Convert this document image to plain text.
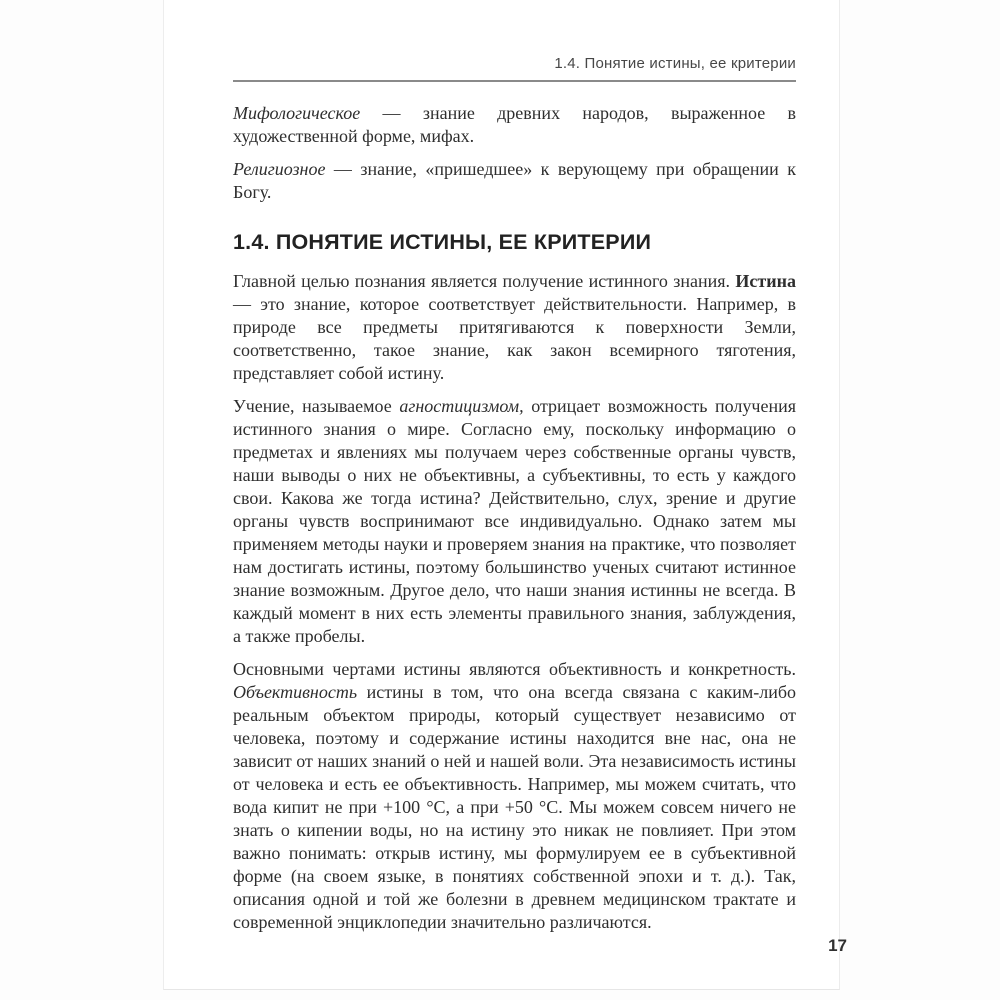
1.4. Понятие истины, ее критерии

Мифологическое — знание древних народов, выраженное в художественной форме, мифах.

Религиозное — знание, «пришедшее» к верующему при обращении к Богу.

1.4. ПОНЯТИЕ ИСТИНЫ, ЕЕ КРИТЕРИИ

Главной целью познания является получение истинного знания. Истина — это знание, которое соответствует действительности. Например, в природе все предметы притягиваются к поверхности Земли, соответственно, такое знание, как закон всемирного тяготения, представляет собой истину.

Учение, называемое агностицизмом, отрицает возможность получения истинного знания о мире. Согласно ему, поскольку информацию о предметах и явлениях мы получаем через собственные органы чувств, наши выводы о них не объективны, а субъективны, то есть у каждого свои. Какова же тогда истина? Действительно, слух, зрение и другие органы чувств воспринимают все индивидуально. Однако затем мы применяем методы науки и проверяем знания на практике, что позволяет нам достигать истины, поэтому большинство ученых считают истинное знание возможным. Другое дело, что наши знания истинны не всегда. В каждый момент в них есть элементы правильного знания, заблуждения, а также пробелы.

Основными чертами истины являются объективность и конкретность. Объективность истины в том, что она всегда связана с каким-либо реальным объектом природы, который существует независимо от человека, поэтому и содержание истины находится вне нас, она не зависит от наших знаний о ней и нашей воли. Эта независимость истины от человека и есть ее объективность. Например, мы можем считать, что вода кипит не при +100 °C, а при +50 °C. Мы можем совсем ничего не знать о кипении воды, но на истину это никак не повлияет. При этом важно понимать: открыв истину, мы формулируем ее в субъективной форме (на своем языке, в понятиях собственной эпохи и т. д.). Так, описания одной и той же болезни в древнем медицинском трактате и современной энциклопедии значительно различаются.

17
